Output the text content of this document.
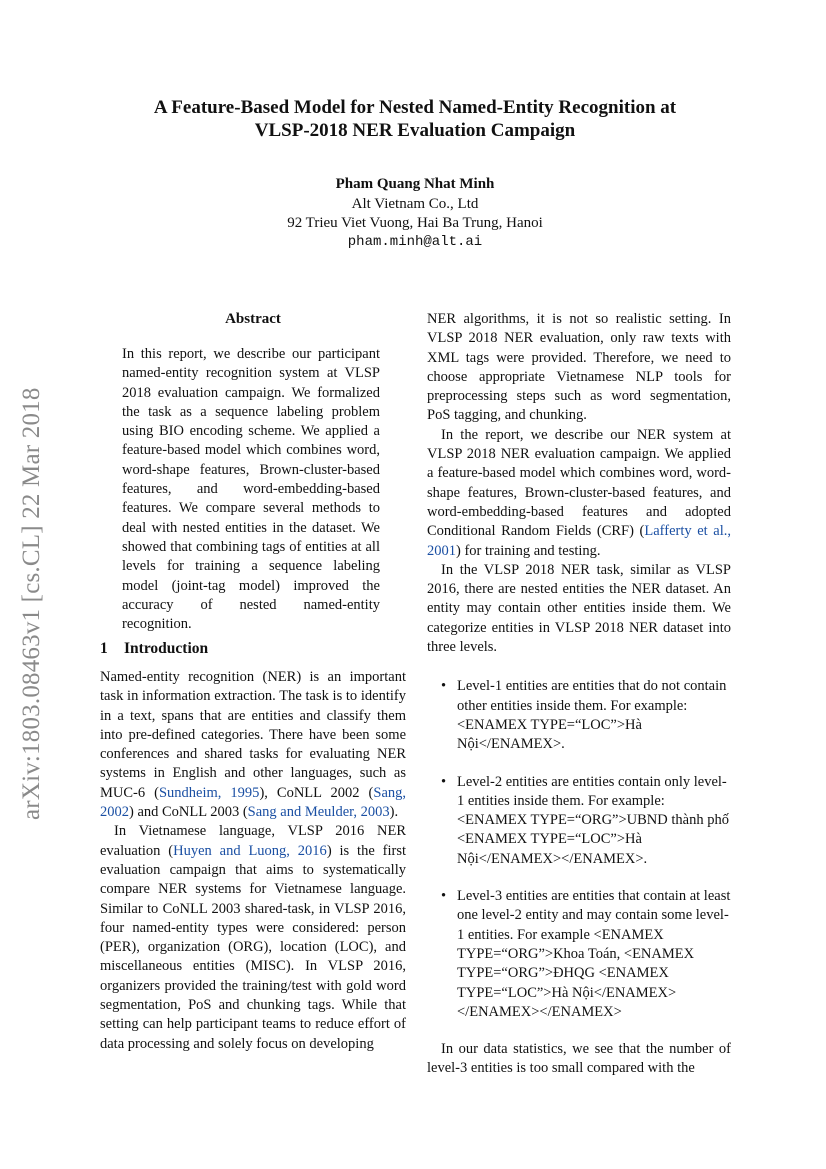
arXiv:1803.08463v1 [cs.CL] 22 Mar 2018
A Feature-Based Model for Nested Named-Entity Recognition at
VLSP-2018 NER Evaluation Campaign
Pham Quang Nhat Minh
Alt Vietnam Co., Ltd
92 Trieu Viet Vuong, Hai Ba Trung, Hanoi
pham.minh@alt.ai
Abstract

In this report, we describe our participant named-entity recognition system at VLSP 2018 evaluation campaign. We formalized the task as a sequence labeling problem using BIO encoding scheme. We applied a feature-based model which combines word, word-shape features, Brown-cluster-based features, and word-embedding-based features. We compare several methods to deal with nested entities in the dataset. We showed that combining tags of entities at all levels for training a sequence labeling model (joint-tag model) improved the accuracy of nested named-entity recognition.

1 Introduction

Named-entity recognition (NER) is an important task in information extraction. The task is to identify in a text, spans that are entities and classify them into pre-defined categories. There have been some conferences and shared tasks for evaluating NER systems in English and other languages, such as MUC-6 (Sundheim, 1995), CoNLL 2002 (Sang, 2002) and CoNLL 2003 (Sang and Meulder, 2003).

In Vietnamese language, VLSP 2016 NER evaluation (Huyen and Luong, 2016) is the first evaluation campaign that aims to systematically compare NER systems for Vietnamese language. Similar to CoNLL 2003 shared-task, in VLSP 2016, four named-entity types were considered: person (PER), organization (ORG), location (LOC), and miscellaneous entities (MISC). In VLSP 2016, organizers provided the training/test with gold word segmentation, PoS and chunking tags. While that setting can help participant teams to reduce effort of data processing and solely focus on developing

NER algorithms, it is not so realistic setting. In VLSP 2018 NER evaluation, only raw texts with XML tags were provided. Therefore, we need to choose appropriate Vietnamese NLP tools for preprocessing steps such as word segmentation, PoS tagging, and chunking.

In the report, we describe our NER system at VLSP 2018 NER evaluation campaign. We applied a feature-based model which combines word, word-shape features, Brown-cluster-based features, and word-embedding-based features and adopted Conditional Random Fields (CRF) (Lafferty et al., 2001) for training and testing.

In the VLSP 2018 NER task, similar as VLSP 2016, there are nested entities the NER dataset. An entity may contain other entities inside them. We categorize entities in VLSP 2018 NER dataset into three levels.

• Level-1 entities are entities that do not contain other entities inside them. For example: <ENAMEX TYPE=“LOC”>Hà Nội</ENAMEX>.
• Level-2 entities are entities contain only level-1 entities inside them. For example: <ENAMEX TYPE=“ORG”>UBND thành phố <ENAMEX TYPE=“LOC”>Hà Nội</ENAMEX></ENAMEX>.
• Level-3 entities are entities that contain at least one level-2 entity and may contain some level-1 entities. For example <ENAMEX TYPE=“ORG”>Khoa Toán, <ENAMEX TYPE=“ORG”>ĐHQG <ENAMEX TYPE=“LOC”>Hà Nội</ENAMEX></ENAMEX></ENAMEX>

In our data statistics, we see that the number of level-3 entities is too small compared with the
